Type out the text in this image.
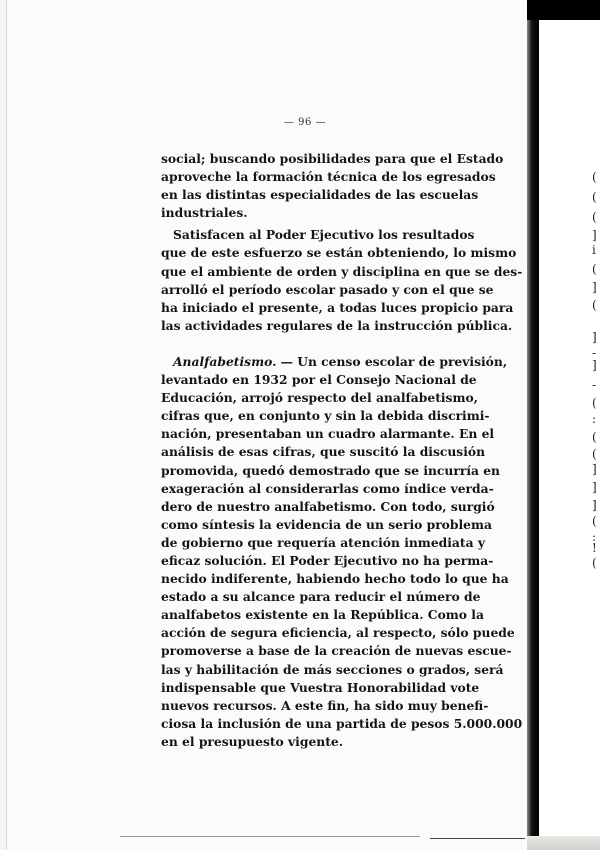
(
(
(
]
i
(
]
(
]
-
]
-
(
:
(
(
]
]
]
(
:
!
(
— 96 —
social; buscando posibilidades para que el Estado
aproveche la formación técnica de los egresados
en las distintas especialidades de las escuelas
industriales.
Satisfacen al Poder Ejecutivo los resultados
que de este esfuerzo se están obteniendo, lo mismo
que el ambiente de orden y disciplina en que se des-
arrolló el período escolar pasado y con el que se
ha iniciado el presente, a todas luces propicio para
las actividades regulares de la instrucción pública.
Analfabetismo. — Un censo escolar de previsión,
levantado en 1932 por el Consejo Nacional de
Educación, arrojó respecto del analfabetismo,
cifras que, en conjunto y sin la debida discrimi-
nación, presentaban un cuadro alarmante. En el
análisis de esas cifras, que suscitó la discusión
promovida, quedó demostrado que se incurría en
exageración al considerarlas como índice verda-
dero de nuestro analfabetismo. Con todo, surgió
como síntesis la evidencia de un serio problema
de gobierno que requería atención inmediata y
eficaz solución. El Poder Ejecutivo no ha perma-
necido indiferente, habiendo hecho todo lo que ha
estado a su alcance para reducir el número de
analfabetos existente en la República. Como la
acción de segura eficiencia, al respecto, sólo puede
promoverse a base de la creación de nuevas escue-
las y habilitación de más secciones o grados, será
indispensable que Vuestra Honorabilidad vote
nuevos recursos. A este fin, ha sido muy benefi-
ciosa la inclusión de una partida de pesos 5.000.000
en el presupuesto vigente.
